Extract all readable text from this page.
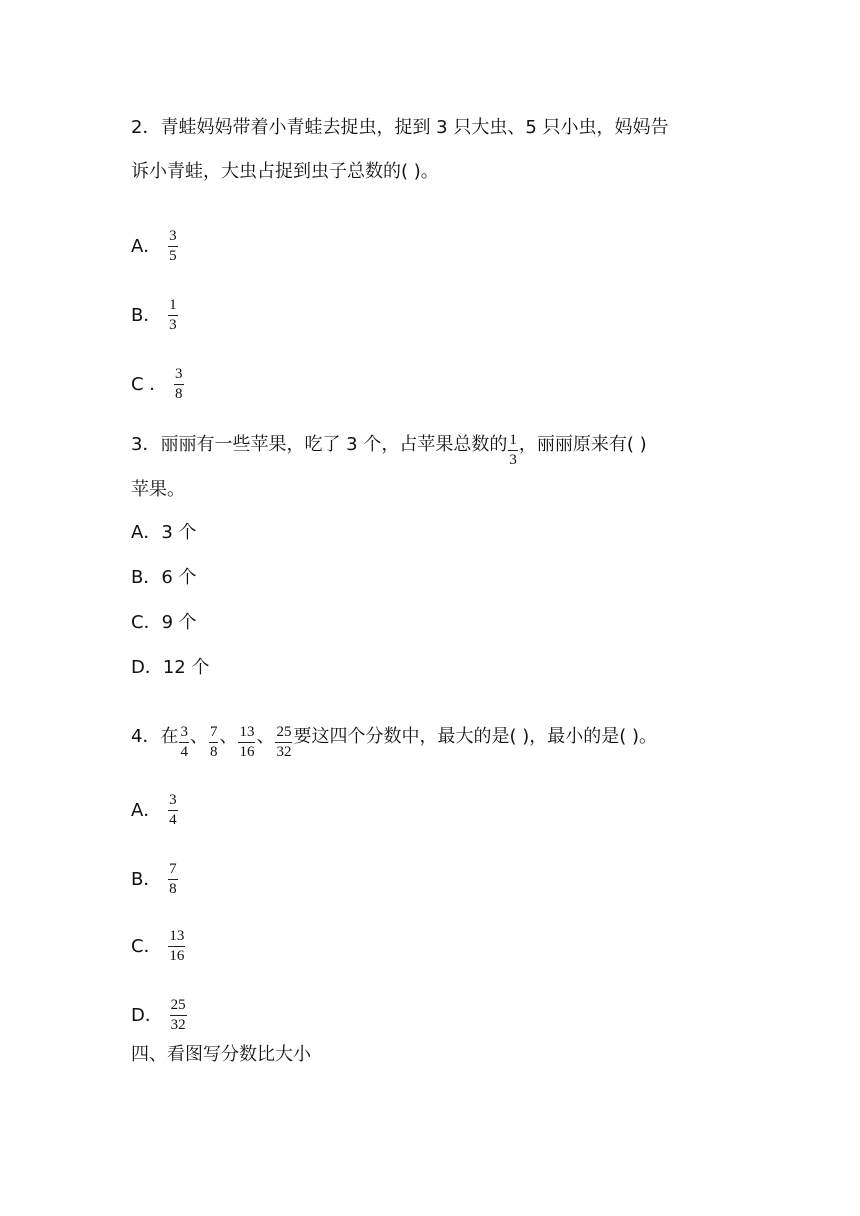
2．青蛙妈妈带着小青蛙去捉虫，捉到 3 只大虫、5 只小虫，妈妈告
诉小青蛙，大虫占捉到虫子总数的( )。
A． $\frac{3}{5}$
B． $\frac{1}{3}$
C ． $\frac{3}{8}$
3．丽丽有一些苹果，吃了 3 个，占苹果总数的 $\frac{1}{3}$ ，丽丽原来有( )
苹果。
A．3 个
B．6 个
C．9 个
D．12 个
4．在 $\frac{3}{4}$ 、 $\frac{7}{8}$ 、 $\frac{13}{16}$ 、 $\frac{25}{32}$ 要这四个分数中，最大的是( )，最小的是( )。
A． $\frac{3}{4}$
B． $\frac{7}{8}$
C． $\frac{13}{16}$
D． $\frac{25}{32}$
四、看图写分数比大小
